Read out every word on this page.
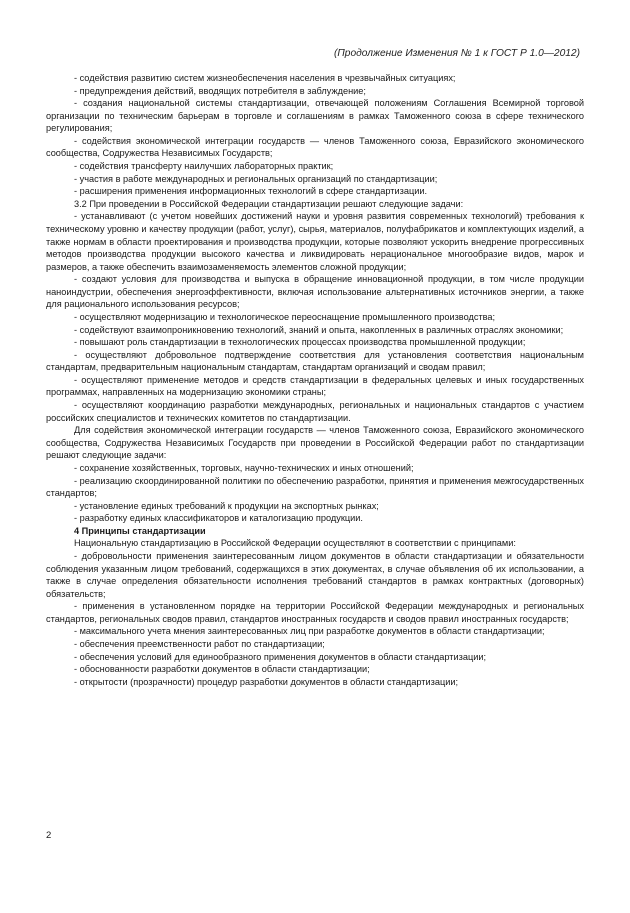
(Продолжение Изменения № 1 к ГОСТ Р 1.0—2012)

- содействия развитию систем жизнеобеспечения населения в чрезвычайных ситуациях;

- предупреждения действий, вводящих потребителя в заблуждение;

- создания национальной системы стандартизации, отвечающей положениям Соглашения Всемирной торговой организации по техническим барьерам в торговле и соглашениям в рамках Таможенного союза в сфере технического регулирования;

- содействия экономической интеграции государств — членов Таможенного союза, Евразийского экономического сообщества, Содружества Независимых Государств;

- содействия трансферту наилучших лабораторных практик;

- участия в работе международных и региональных организаций по стандартизации;

- расширения применения информационных технологий в сфере стандартизации.

3.2 При проведении в Российской Федерации стандартизации решают следующие задачи:

- устанавливают (с учетом новейших достижений науки и уровня развития современных технологий) требования к техническому уровню и качеству продукции (работ, услуг), сырья, материалов, полуфабрикатов и комплектующих изделий, а также нормам в области проектирования и производства продукции, которые позволяют ускорить внедрение прогрессивных методов производства продукции высокого качества и ликвидировать нерациональное многообразие видов, марок и размеров, а также обеспечить взаимозаменяемость элементов сложной продукции;

- создают условия для производства и выпуска в обращение инновационной продукции, в том числе продукции наноиндустрии, обеспечения энергоэффективности, включая использование альтернативных источников энергии, а также для рационального использования ресурсов;

- осуществляют модернизацию и технологическое переоснащение промышленного производства;

- содействуют взаимопроникновению технологий, знаний и опыта, накопленных в различных отраслях экономики;

- повышают роль стандартизации в технологических процессах производства промышленной продукции;

- осуществляют добровольное подтверждение соответствия для установления соответствия национальным стандартам, предварительным национальным стандартам, стандартам организаций и сводам правил;

- осуществляют применение методов и средств стандартизации в федеральных целевых и иных государственных программах, направленных на модернизацию экономики страны;

- осуществляют координацию разработки международных, региональных и национальных стандартов с участием российских специалистов и технических комитетов по стандартизации.

Для содействия экономической интеграции государств — членов Таможенного союза, Евразийского экономического сообщества, Содружества Независимых Государств при проведении в Российской Федерации работ по стандартизации решают следующие задачи:

- сохранение хозяйственных, торговых, научно-технических и иных отношений;

- реализацию скоординированной политики по обеспечению разработки, принятия и применения межгосударственных стандартов;

- установление единых требований к продукции на экспортных рынках;

- разработку единых классификаторов и каталогизацию продукции.

4 Принципы стандартизации

Национальную стандартизацию в Российской Федерации осуществляют в соответствии с принципами:

- добровольности применения заинтересованным лицом документов в области стандартизации и обязательности соблюдения указанным лицом требований, содержащихся в этих документах, в случае объявления об их использовании, а также в случае определения обязательности исполнения требований стандартов в рамках контрактных (договорных) обязательств;

- применения в установленном порядке на территории Российской Федерации международных и региональных стандартов, региональных сводов правил, стандартов иностранных государств и сводов правил иностранных государств;

- максимального учета мнения заинтересованных лиц при разработке документов в области стандартизации;

- обеспечения преемственности работ по стандартизации;

- обеспечения условий для единообразного применения документов в области стандартизации;

- обоснованности разработки документов в области стандартизации;

- открытости (прозрачности) процедур разработки документов в области стандартизации;

2
